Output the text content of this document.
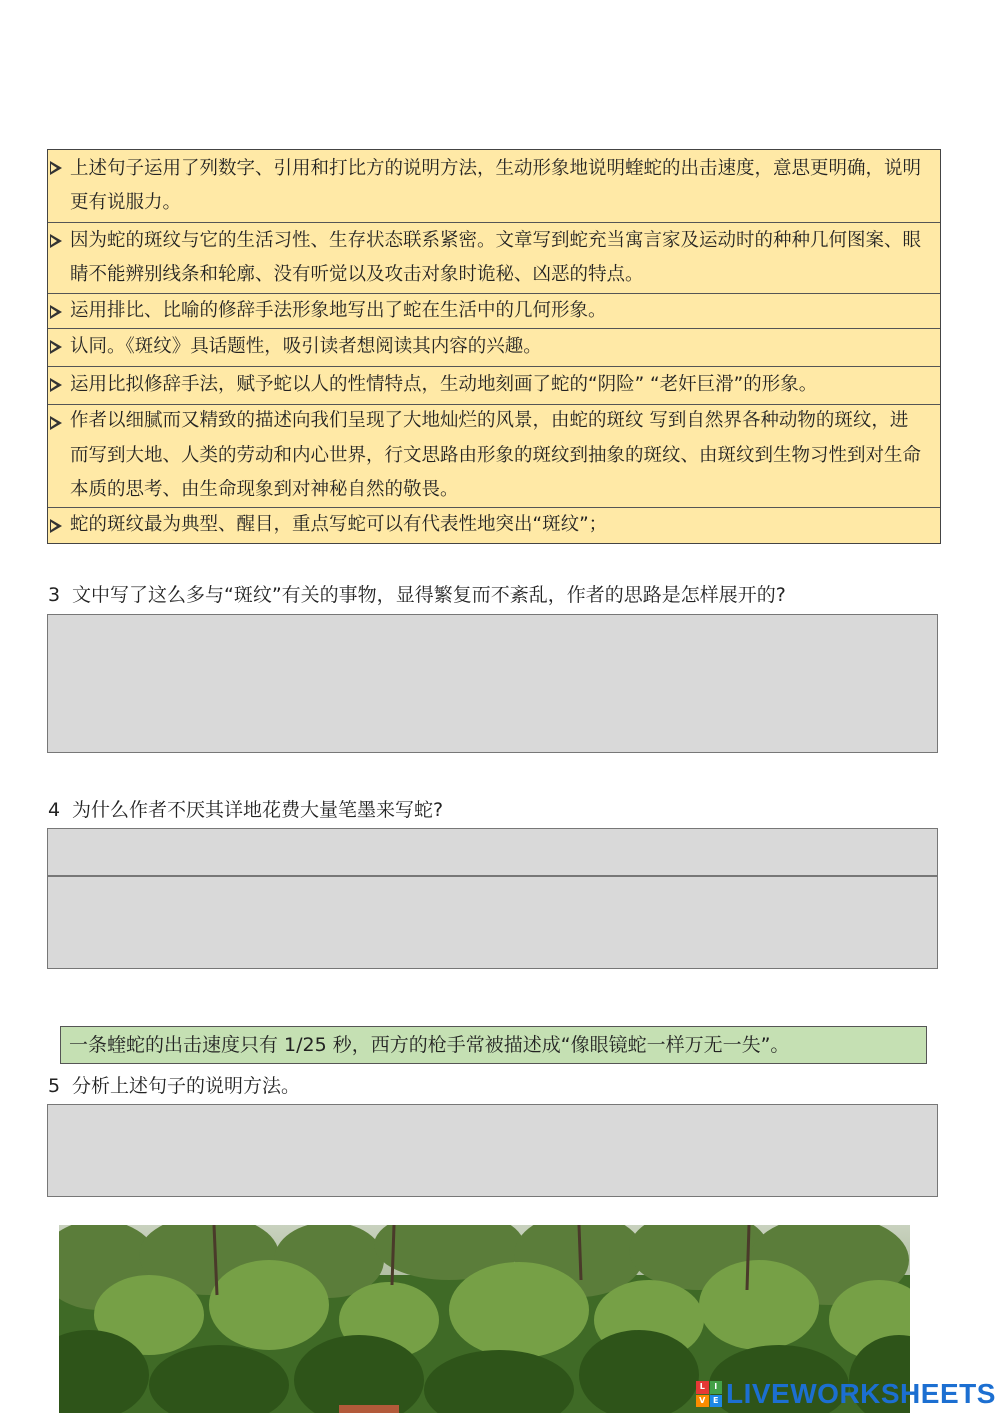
上述句子运用了列数字、引用和打比方的说明方法，生动形象地说明蝰蛇的出击速度，意思更明确，说明更有说服力。
因为蛇的斑纹与它的生活习性、生存状态联系紧密。文章写到蛇充当寓言家及运动时的种种几何图案、眼睛不能辨别线条和轮廓、没有听觉以及攻击对象时诡秘、凶恶的特点。
运用排比、比喻的修辞手法形象地写出了蛇在生活中的几何形象。
认同。《斑纹》具话题性，吸引读者想阅读其内容的兴趣。
运用比拟修辞手法，赋予蛇以人的性情特点，生动地刻画了蛇的“阴险” “老奸巨滑”的形象。
作者以细腻而又精致的描述向我们呈现了大地灿烂的风景，由蛇的斑纹 写到自然界各种动物的斑纹，进而写到大地、人类的劳动和内心世界，行文思路由形象的斑纹到抽象的斑纹、由斑纹到生物习性到对生命本质的思考、由生命现象到对神秘自然的敬畏。
蛇的斑纹最为典型、醒目，重点写蛇可以有代表性地突出“斑纹”；
3 文中写了这么多与“斑纹”有关的事物，显得繁复而不紊乱，作者的思路是怎样展开的?
4 为什么作者不厌其详地花费大量笔墨来写蛇?
一条蝰蛇的出击速度只有 1/25 秒，西方的枪手常被描述成“像眼镜蛇一样万无一失”。
5 分析上述句子的说明方法。
L	I
V E LIVEWORKSHEETS
